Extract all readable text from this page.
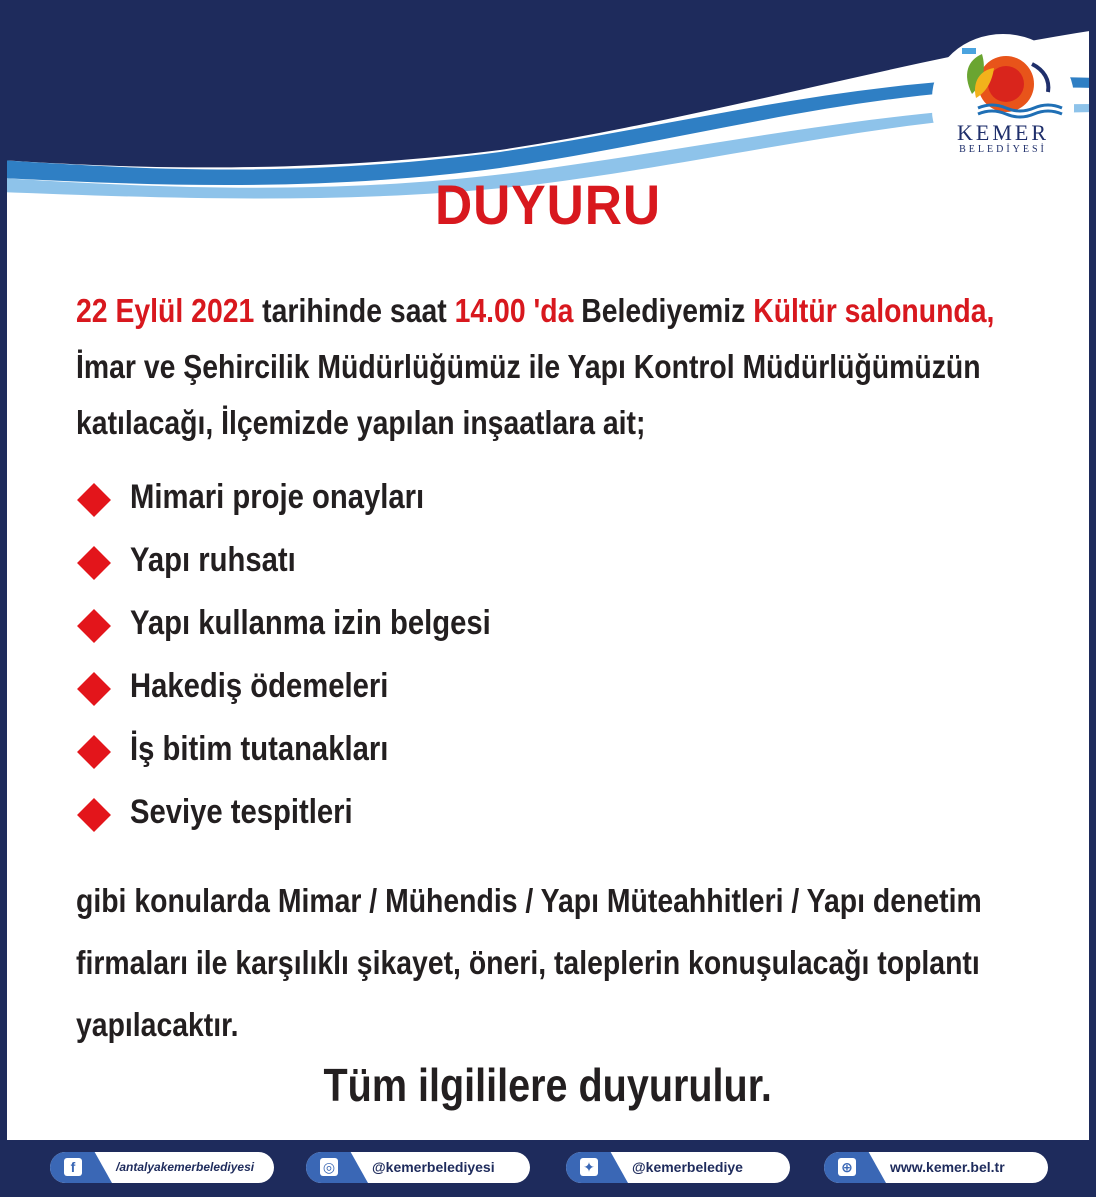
KEMER
BELEDİYESİ
DUYURU
22 Eylül 2021 tarihinde saat 14.00 'da Belediyemiz Kültür salonunda,
İmar ve Şehircilik Müdürlüğümüz ile Yapı Kontrol Müdürlüğümüzün
katılacağı, İlçemizde yapılan inşaatlara ait;
Mimari proje onayları
Yapı ruhsatı
Yapı kullanma izin belgesi
Hakediş ödemeleri
İş bitim tutanakları
Seviye tespitleri
gibi konularda Mimar / Mühendis / Yapı Müteahhitleri / Yapı denetim
firmaları ile karşılıklı şikayet, öneri, taleplerin konuşulacağı toplantı
yapılacaktır.
Tüm ilgililere duyurulur.
f	/antalyakemerbelediyesi	◎	@kemerbelediyesi	✦	@kemerbelediye	⊕	www.kemer.bel.tr
